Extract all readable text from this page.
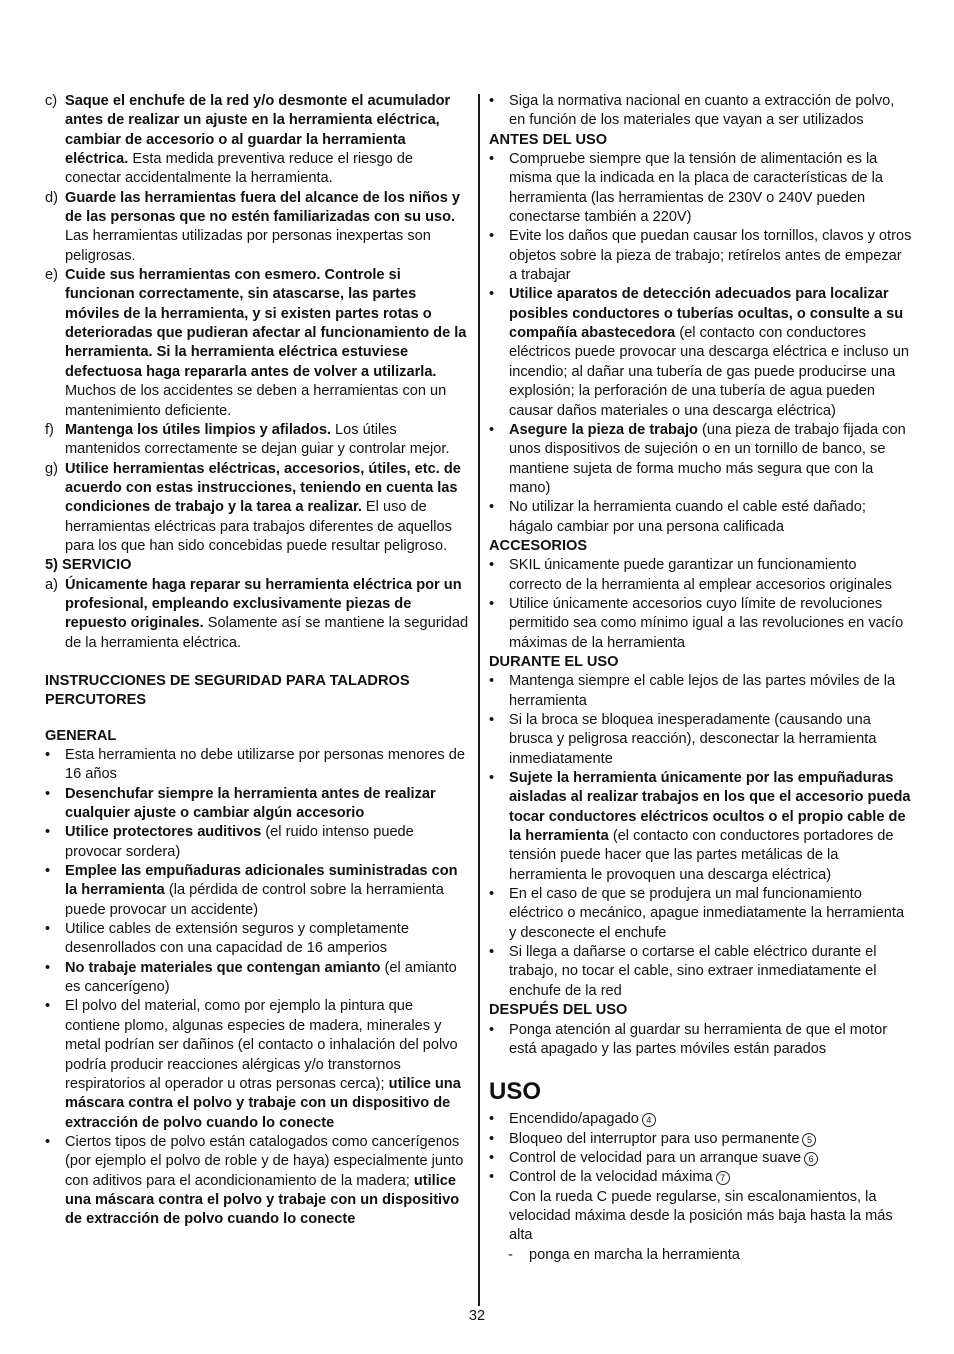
c) Saque el enchufe de la red y/o desmonte el acumulador antes de realizar un ajuste en la herramienta eléctrica, cambiar de accesorio o al guardar la herramienta eléctrica. Esta medida preventiva reduce el riesgo de conectar accidentalmente la herramienta.
d) Guarde las herramientas fuera del alcance de los niños y de las personas que no estén familiarizadas con su uso. Las herramientas utilizadas por personas inexpertas son peligrosas.
e) Cuide sus herramientas con esmero. Controle si funcionan correctamente, sin atascarse, las partes móviles de la herramienta, y si existen partes rotas o deterioradas que pudieran afectar al funcionamiento de la herramienta. Si la herramienta eléctrica estuviese defectuosa haga repararla antes de volver a utilizarla. Muchos de los accidentes se deben a herramientas con un mantenimiento deficiente.
f) Mantenga los útiles limpios y afilados. Los útiles mantenidos correctamente se dejan guiar y controlar mejor.
g) Utilice herramientas eléctricas, accesorios, útiles, etc. de acuerdo con estas instrucciones, teniendo en cuenta las condiciones de trabajo y la tarea a realizar. El uso de herramientas eléctricas para trabajos diferentes de aquellos para los que han sido concebidas puede resultar peligroso.
5) SERVICIO
a) Únicamente haga reparar su herramienta eléctrica por un profesional, empleando exclusivamente piezas de repuesto originales. Solamente así se mantiene la seguridad de la herramienta eléctrica.
INSTRUCCIONES DE SEGURIDAD PARA TALADROS PERCUTORES
GENERAL
• Esta herramienta no debe utilizarse por personas menores de 16 años
• Desenchufar siempre la herramienta antes de realizar cualquier ajuste o cambiar algún accesorio
• Utilice protectores auditivos (el ruido intenso puede provocar sordera)
• Emplee las empuñaduras adicionales suministradas con la herramienta (la pérdida de control sobre la herramienta puede provocar un accidente)
• Utilice cables de extensión seguros y completamente desenrollados con una capacidad de 16 amperios
• No trabaje materiales que contengan amianto (el amianto es cancerígeno)
• El polvo del material, como por ejemplo la pintura que contiene plomo, algunas especies de madera, minerales y metal podrían ser dañinos (el contacto o inhalación del polvo podría producir reacciones alérgicas y/o transtornos respiratorios al operador u otras personas cerca); utilice una máscara contra el polvo y trabaje con un dispositivo de extracción de polvo cuando lo conecte
• Ciertos tipos de polvo están catalogados como cancerígenos (por ejemplo el polvo de roble y de haya) especialmente junto con aditivos para el acondicionamiento de la madera; utilice una máscara contra el polvo y trabaje con un dispositivo de extracción de polvo cuando lo conecte
• Siga la normativa nacional en cuanto a extracción de polvo, en función de los materiales que vayan a ser utilizados
ANTES DEL USO
• Compruebe siempre que la tensión de alimentación es la misma que la indicada en la placa de características de la herramienta (las herramientas de 230V o 240V pueden conectarse también a 220V)
• Evite los daños que puedan causar los tornillos, clavos y otros objetos sobre la pieza de trabajo; retírelos antes de empezar a trabajar
• Utilice aparatos de detección adecuados para localizar posibles conductores o tuberías ocultas, o consulte a su compañía abastecedora (el contacto con conductores eléctricos puede provocar una descarga eléctrica e incluso un incendio; al dañar una tubería de gas puede producirse una explosión; la perforación de una tubería de agua pueden causar daños materiales o una descarga eléctrica)
• Asegure la pieza de trabajo (una pieza de trabajo fijada con unos dispositivos de sujeción o en un tornillo de banco, se mantiene sujeta de forma mucho más segura que con la mano)
• No utilizar la herramienta cuando el cable esté dañado; hágalo cambiar por una persona calificada
ACCESORIOS
• SKIL únicamente puede garantizar un funcionamiento correcto de la herramienta al emplear accesorios originales
• Utilice únicamente accesorios cuyo límite de revoluciones permitido sea como mínimo igual a las revoluciones en vacío máximas de la herramienta
DURANTE EL USO
• Mantenga siempre el cable lejos de las partes móviles de la herramienta
• Si la broca se bloquea inesperadamente (causando una brusca y peligrosa reacción), desconectar la herramienta inmediatamente
• Sujete la herramienta únicamente por las empuñaduras aisladas al realizar trabajos en los que el accesorio pueda tocar conductores eléctricos ocultos o el propio cable de la herramienta (el contacto con conductores portadores de tensión puede hacer que las partes metálicas de la herramienta le provoquen una descarga eléctrica)
• En el caso de que se produjera un mal funcionamiento eléctrico o mecánico, apague inmediatamente la herramienta y desconecte el enchufe
• Si llega a dañarse o cortarse el cable eléctrico durante el trabajo, no tocar el cable, sino extraer inmediatamente el enchufe de la red
DESPUÉS DEL USO
• Ponga atención al guardar su herramienta de que el motor está apagado y las partes móviles están parados
USO
• Encendido/apagado 4
• Bloqueo del interruptor para uso permanente 5
• Control de velocidad para un arranque suave 6
• Control de la velocidad máxima 7
Con la rueda C puede regularse, sin escalonamientos, la velocidad máxima desde la posición más baja hasta la más alta
- ponga en marcha la herramienta
32
